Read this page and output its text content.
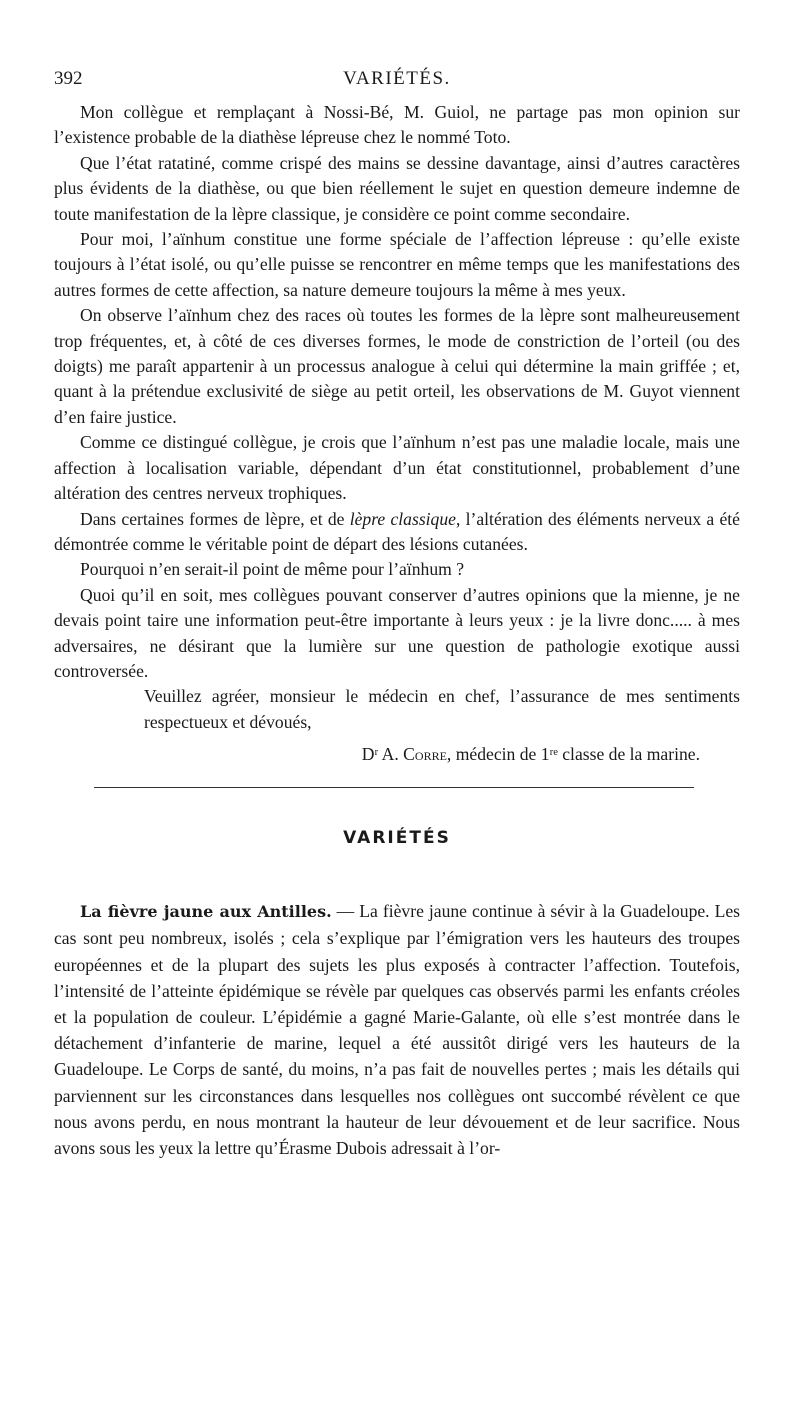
392	VARIÉTÉS.

Mon collègue et remplaçant à Nossi-Bé, M. Guiol, ne partage pas mon opinion sur l’existence probable de la diathèse lépreuse chez le nommé Toto.

Que l’état ratatiné, comme crispé des mains se dessine davantage, ainsi d’autres caractères plus évidents de la diathèse, ou que bien réellement le sujet en question demeure indemne de toute manifestation de la lèpre classique, je considère ce point comme secondaire.

Pour moi, l’aïnhum constitue une forme spéciale de l’affection lépreuse : qu’elle existe toujours à l’état isolé, ou qu’elle puisse se rencontrer en même temps que les manifestations des autres formes de cette affection, sa nature demeure toujours la même à mes yeux.

On observe l’aïnhum chez des races où toutes les formes de la lèpre sont malheureusement trop fréquentes, et, à côté de ces diverses formes, le mode de constriction de l’orteil (ou des doigts) me paraît appartenir à un processus analogue à celui qui détermine la main griffée ; et, quant à la prétendue exclusivité de siège au petit orteil, les observations de M. Guyot viennent d’en faire justice.

Comme ce distingué collègue, je crois que l’aïnhum n’est pas une maladie locale, mais une affection à localisation variable, dépendant d’un état constitutionnel, probablement d’une altération des centres nerveux trophiques.

Dans certaines formes de lèpre, et de lèpre classique, l’altération des éléments nerveux a été démontrée comme le véritable point de départ des lésions cutanées.

Pourquoi n’en serait-il point de même pour l’aïnhum ?

Quoi qu’il en soit, mes collègues pouvant conserver d’autres opinions que la mienne, je ne devais point taire une information peut-être importante à leurs yeux : je la livre donc..... à mes adversaires, ne désirant que la lumière sur une question de pathologie exotique aussi controversée.

Veuillez agréer, monsieur le médecin en chef, l’assurance de mes sentiments respectueux et dévoués,

Dʳ A. Corre, médecin de 1ʳᵉ classe de la marine.
VARIÉTÉS

La fièvre jaune aux Antilles. — La fièvre jaune continue à sévir à la Guadeloupe. Les cas sont peu nombreux, isolés ; cela s’explique par l’émigration vers les hauteurs des troupes européennes et de la plupart des sujets les plus exposés à contracter l’affection. Toutefois, l’intensité de l’atteinte épidémique se révèle par quelques cas observés parmi les enfants créoles et la population de couleur. L’épidémie a gagné Marie-Galante, où elle s’est montrée dans le détachement d’infanterie de marine, lequel a été aussitôt dirigé vers les hauteurs de la Guadeloupe. Le Corps de santé, du moins, n’a pas fait de nouvelles pertes ; mais les détails qui parviennent sur les circonstances dans lesquelles nos collègues ont succombé révèlent ce que nous avons perdu, en nous montrant la hauteur de leur dévouement et de leur sacrifice. Nous avons sous les yeux la lettre qu’Érasme Dubois adressait à l’or-
